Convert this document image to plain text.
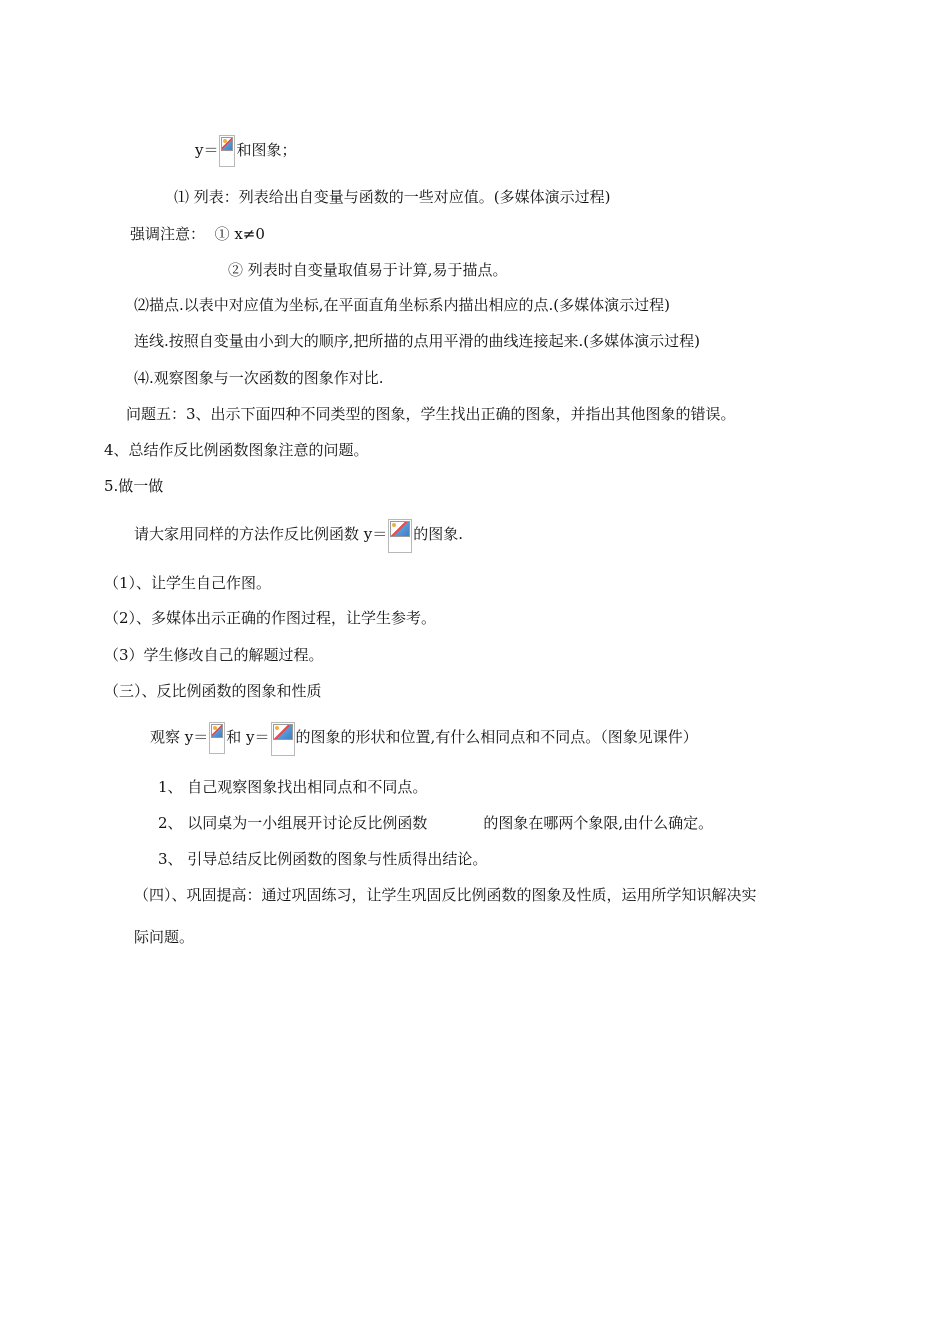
y＝ 和图象；
⑴ 列表：列表给出自变量与函数的一些对应值。(多媒体演示过程)
强调注意： ① x≠0
② 列表时自变量取值易于计算,易于描点。
⑵描点.以表中对应值为坐标,在平面直角坐标系内描出相应的点.(多媒体演示过程)
连线.按照自变量由小到大的顺序,把所描的点用平滑的曲线连接起来.(多媒体演示过程)
⑷.观察图象与一次函数的图象作对比.
问题五：3、出示下面四种不同类型的图象，学生找出正确的图象，并指出其他图象的错误。
4、总结作反比例函数图象注意的问题。
5.做一做
请大家用同样的方法作反比例函数 y＝ 的图象.
（1）、让学生自己作图。
（2）、多媒体出示正确的作图过程，让学生参考。
（3）学生修改自己的解题过程。
（三）、反比例函数的图象和性质
观察 y＝ 和 y＝ 的图象的形状和位置,有什么相同点和不同点。（图象见课件）
1、 自己观察图象找出相同点和不同点。
2、 以同桌为一小组展开讨论反比例函数	的图象在哪两个象限,由什么确定。
3、 引导总结反比例函数的图象与性质得出结论。
（四）、巩固提高：通过巩固练习，让学生巩固反比例函数的图象及性质，运用所学知识解决实
际问题。
